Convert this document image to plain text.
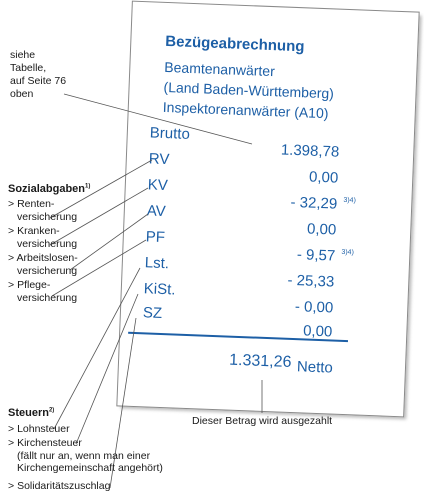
Bezügeabrechnung
Beamtenanwärter
(Land Baden-Württemberg)
Inspektorenanwärter (A10)
Brutto
1.398,78
RV
0,00
KV
- 32,29 3)4)
AV
0,00
PF
- 9,57 3)4)
Lst.
- 25,33
KiSt.
- 0,00
SZ
0,00
1.331,26 Netto
siehe
Tabelle,
auf Seite 76
oben
Sozialabgaben$^{1)}$
> Renten-
versicherung
> Kranken-
versicherung
> Arbeitslosen-
versicherung
> Pflege-
versicherung
Steuern$^{2)}$
> Lohnsteuer
> Kirchensteuer
(fällt nur an, wenn man einer
Kirchengemeinschaft angehört)
> Solidaritätszuschlag
Dieser Betrag wird ausgezahlt
